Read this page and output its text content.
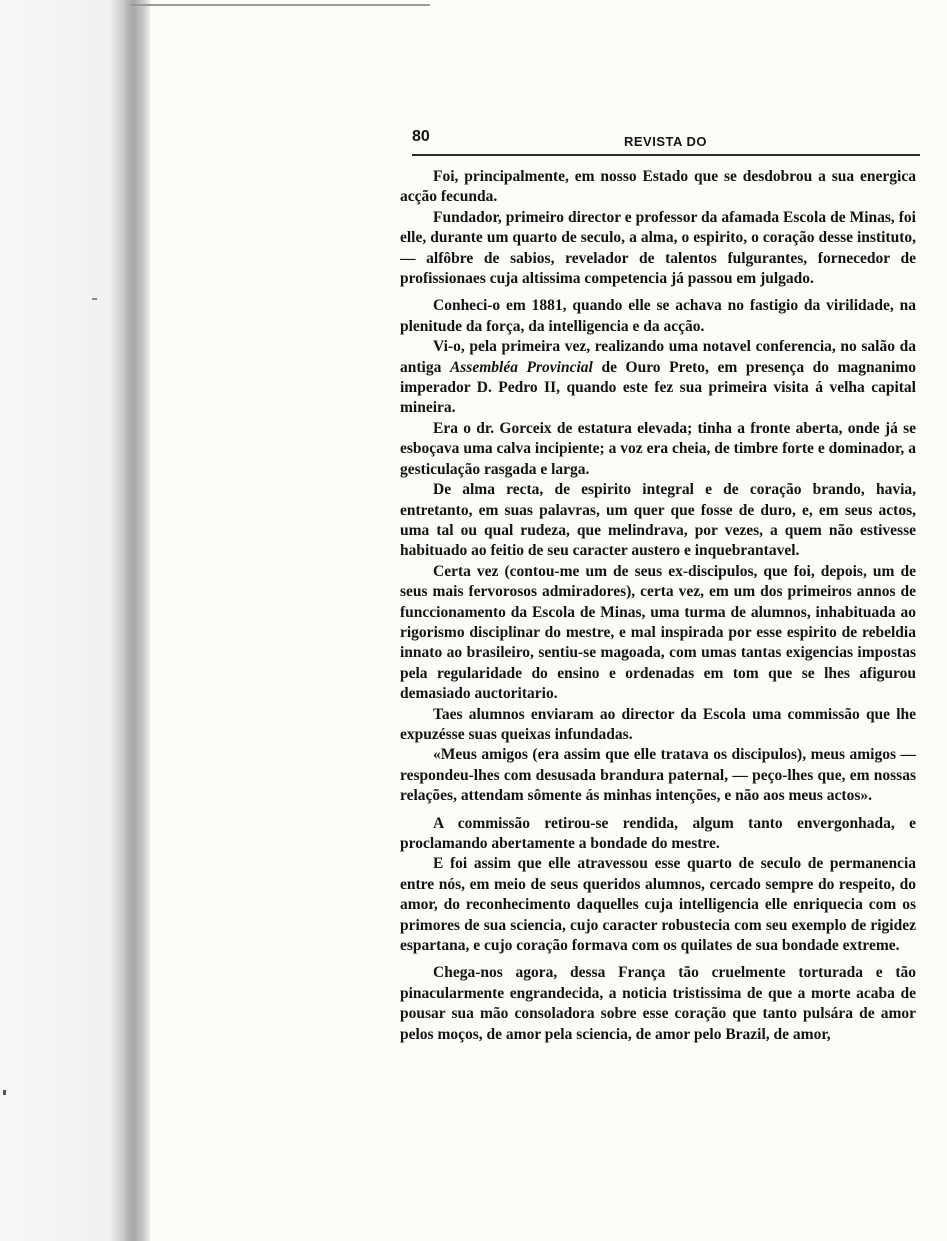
80	REVISTA DO

Foi, principalmente, em nosso Estado que se desdobrou a sua energica acção fecunda.

Fundador, primeiro director e professor da afamada Escola de Minas, foi elle, durante um quarto de seculo, a alma, o espirito, o coração desse instituto, — alfôbre de sabios, revelador de talentos fulgurantes, fornecedor de profissionaes cuja altissima competencia já passou em julgado.

Conheci-o em 1881, quando elle se achava no fastigio da virilidade, na plenitude da força, da intelligencia e da acção.

Vi-o, pela primeira vez, realizando uma notavel conferencia, no salão da antiga Assembléa Provincial de Ouro Preto, em presença do magnanimo imperador D. Pedro II, quando este fez sua primeira visita á velha capital mineira.

Era o dr. Gorceix de estatura elevada; tinha a fronte aberta, onde já se esboçava uma calva incipiente; a voz era cheia, de timbre forte e dominador, a gesticulação rasgada e larga.

De alma recta, de espirito integral e de coração brando, havia, entretanto, em suas palavras, um quer que fosse de duro, e, em seus actos, uma tal ou qual rudeza, que melindrava, por vezes, a quem não estivesse habituado ao feitio de seu caracter austero e inquebrantavel.

Certa vez (contou-me um de seus ex-discipulos, que foi, depois, um de seus mais fervorosos admiradores), certa vez, em um dos primeiros annos de funccionamento da Escola de Minas, uma turma de alumnos, inhabituada ao rigorismo disciplinar do mestre, e mal inspirada por esse espirito de rebeldia innato ao brasileiro, sentiu-se magoada, com umas tantas exigencias impostas pela regularidade do ensino e ordenadas em tom que se lhes afigurou demasiado auctoritario.

Taes alumnos enviaram ao director da Escola uma commissão que lhe expuzésse suas queixas infundadas.

«Meus amigos (era assim que elle tratava os discipulos), meus amigos — respondeu-lhes com desusada brandura paternal, — peço-lhes que, em nossas relações, attendam sômente ás minhas intenções, e não aos meus actos».

A commissão retirou-se rendida, algum tanto envergonhada, e proclamando abertamente a bondade do mestre.

E foi assim que elle atravessou esse quarto de seculo de permanencia entre nós, em meio de seus queridos alumnos, cercado sempre do respeito, do amor, do reconhecimento daquelles cuja intelligencia elle enriquecia com os primores de sua sciencia, cujo caracter robustecia com seu exemplo de rigidez espartana, e cujo coração formava com os quilates de sua bondade extreme.

Chega-nos agora, dessa França tão cruelmente torturada e tão pinacularmente engrandecida, a noticia tristissima de que a morte acaba de pousar sua mão consoladora sobre esse coração que tanto pulsára de amor pelos moços, de amor pela sciencia, de amor pelo Brazil, de amor,
